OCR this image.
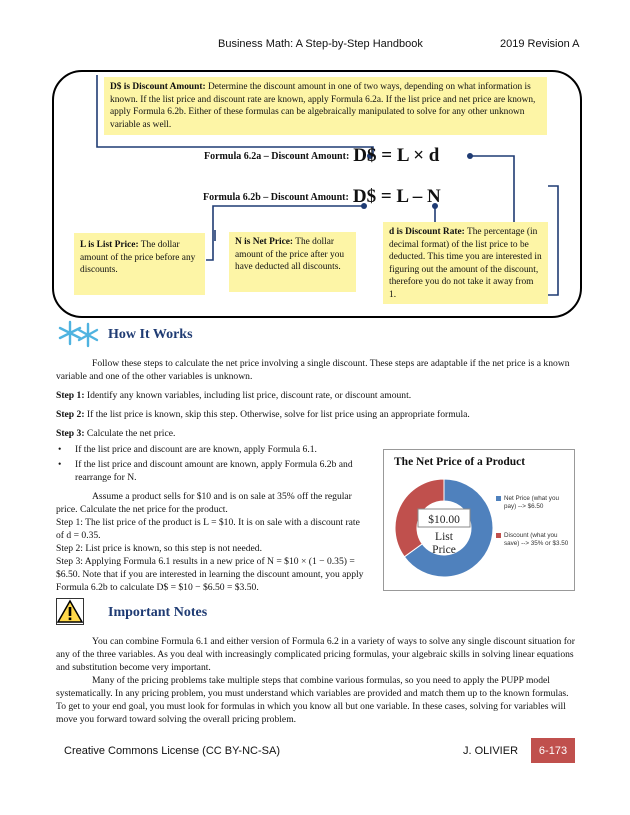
Business Math: A Step-by-Step Handbook	2019 Revision A
D$ is Discount Amount: Determine the discount amount in one of two ways, depending on what information is known. If the list price and discount rate are known, apply Formula 6.2a. If the list price and net price are known, apply Formula 6.2b. Either of these formulas can be algebraically manipulated to solve for any other unknown variable as well.
Formula 6.2a – Discount Amount: D$ = L × d
Formula 6.2b – Discount Amount: D$ = L – N
L is List Price: The dollar amount of the price before any discounts.
N is Net Price: The dollar amount of the price after you have deducted all discounts.
d is Discount Rate: The percentage (in decimal format) of the list price to be deducted. This time you are interested in figuring out the amount of the discount, therefore you do not take it away from 1.
How It Works

Follow these steps to calculate the net price involving a single discount. These steps are adaptable if the net price is a known variable and one of the other variables is unknown.

Step 1: Identify any known variables, including list price, discount rate, or discount amount.
Step 2: If the list price is known, skip this step. Otherwise, solve for list price using an appropriate formula.
Step 3: Calculate the net price.
• If the list price and discount are are known, apply Formula 6.1.
• If the list price and discount amount are known, apply Formula 6.2b and rearrange for N.

Assume a product sells for $10 and is on sale at 35% off the regular price. Calculate the net price for the product.

Step 1: The list price of the product is L = $10. It is on sale with a discount rate of d = 0.35.

Step 2: List price is known, so this step is not needed.

Step 3: Applying Formula 6.1 results in a new price of N = $10 × (1 − 0.35) = $6.50. Note that if you are interested in learning the discount amount, you apply Formula 6.2b to calculate D$ = $10 − $6.50 = $3.50.

The Net Price of a Product
$10.00
List
Price
Net Price (what you pay) --> $6.50
Discount (what you save) --> 35% or $3.50
Important Notes

You can combine Formula 6.1 and either version of Formula 6.2 in a variety of ways to solve any single discount situation for any of the three variables. As you deal with increasingly complicated pricing formulas, your algebraic skills in solving linear equations and substitution become very important.

Many of the pricing problems take multiple steps that combine various formulas, so you need to apply the PUPP model systematically. In any pricing problem, you must understand which variables are provided and match them up to the known formulas. To get to your end goal, you must look for formulas in which you know all but one variable. In these cases, solving for variables will move you forward toward solving the overall pricing problem.

Creative Commons License (CC BY-NC-SA)	J. OLIVIER	6-173
